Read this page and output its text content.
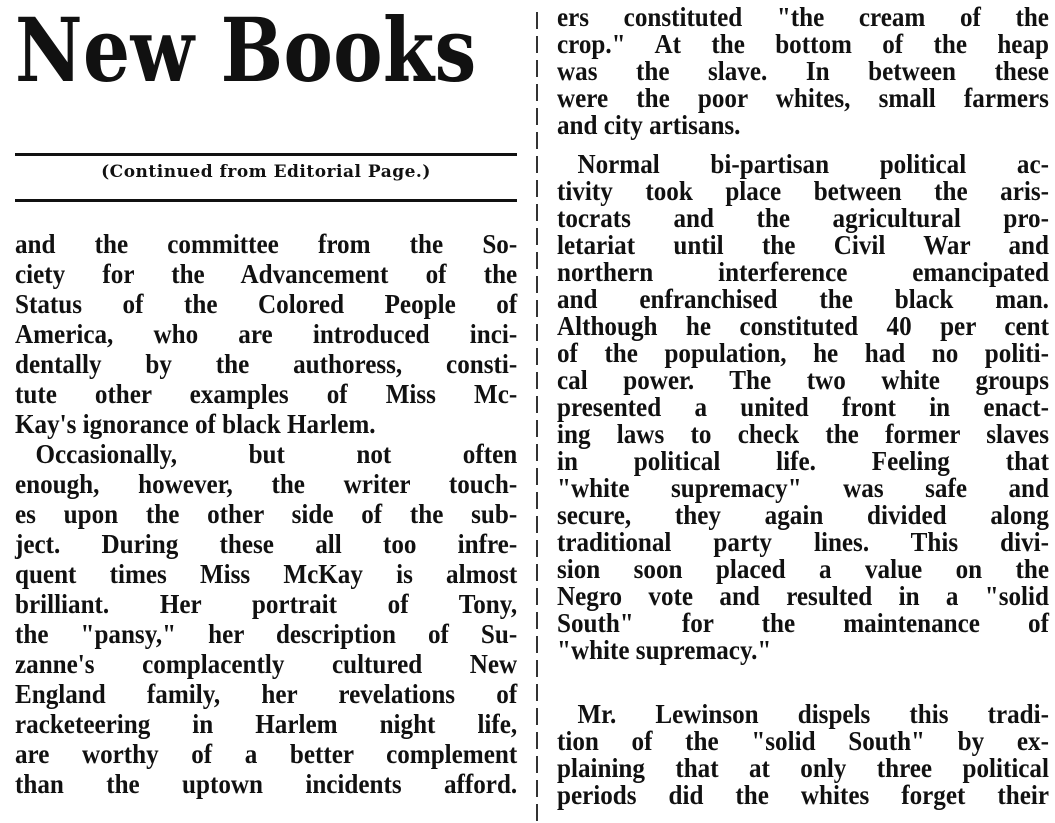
New Books
(Continued from Editorial Page.)
and the committee from the So-
ciety for the Advancement of the
Status of the Colored People of
America, who are introduced inci-
dentally by the authoress, consti-
tute other examples of Miss Mc-
Kay's ignorance of black Harlem.
Occasionally, but not often
enough, however, the writer touch-
es upon the other side of the sub-
ject. During these all too infre-
quent times Miss McKay is almost
brilliant. Her portrait of Tony,
the "pansy," her description of Su-
zanne's complacently cultured New
England family, her revelations of
racketeering in Harlem night life,
are worthy of a better complement
than the uptown incidents afford.
ers constituted "the cream of the
crop." At the bottom of the heap
was the slave. In between these
were the poor whites, small farmers
and city artisans.
Normal bi-partisan political ac-
tivity took place between the aris-
tocrats and the agricultural pro-
letariat until the Civil War and
northern interference emancipated
and enfranchised the black man.
Although he constituted 40 per cent
of the population, he had no politi-
cal power. The two white groups
presented a united front in enact-
ing laws to check the former slaves
in political life. Feeling that
"white supremacy" was safe and
secure, they again divided along
traditional party lines. This divi-
sion soon placed a value on the
Negro vote and resulted in a "solid
South" for the maintenance of
"white supremacy."
Mr. Lewinson dispels this tradi-
tion of the "solid South" by ex-
plaining that at only three political
periods did the whites forget their
